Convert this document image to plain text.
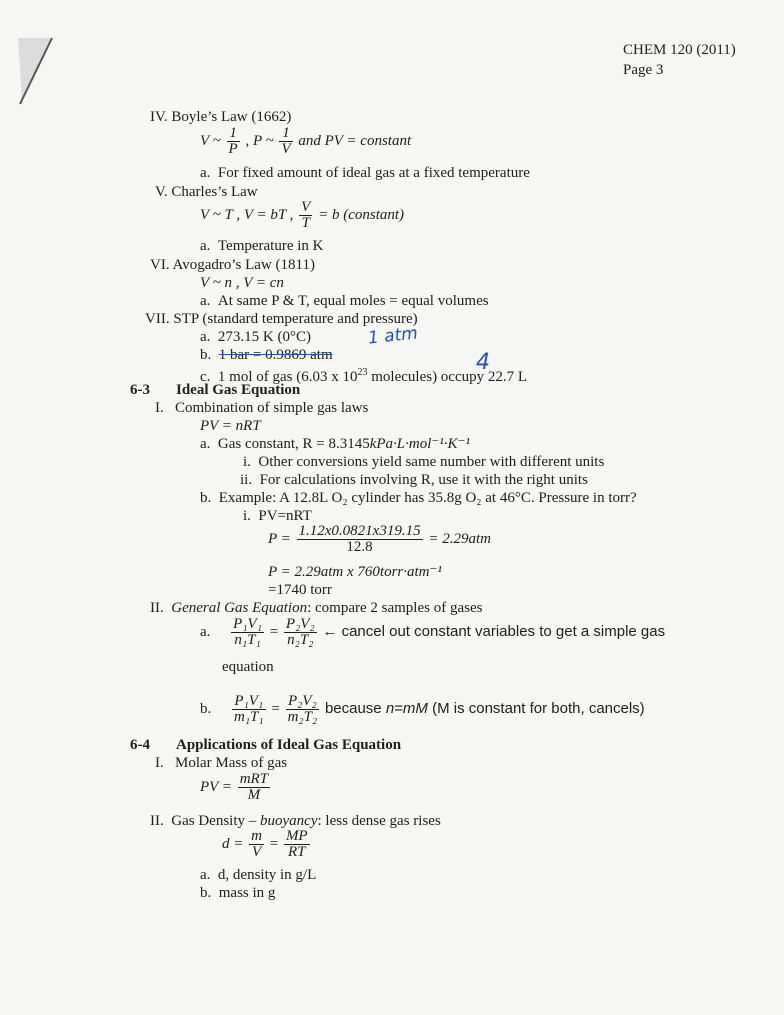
CHEM 120 (2011)
Page 3
IV. Boyle’s Law (1662)
V ~ $\frac{1}{P}$ , P ~ $\frac{1}{V}$ and PV = constant
a. For fixed amount of ideal gas at a fixed temperature
V. Charles’s Law
V ~ T , V = bT , $\frac{V}{T} = b$ (constant)
a. Temperature in K
VI. Avogadro’s Law (1811)
V ~ n , V = cn
a. At same P & T, equal moles = equal volumes
VII. STP (standard temperature and pressure)
a. 273.15 K (0°C)	1 atm
b. 1 bar = 0.9869 atm
c. 1 mol of gas (6.03 x $10^{23}$ molecules) occupy 22.7 L
4
6-3 Ideal Gas Equation
I. Combination of simple gas laws
PV = nRT
a. Gas constant, R = 8.3145kPa·L·mol⁻¹·K⁻¹
i. Other conversions yield same number with different units
ii. For calculations involving R, use it with the right units
b. Example: A 12.8L O₂ cylinder has 35.8g O₂ at 46°C. Pressure in torr?
i. PV=nRT
$P = \frac{1.12x0.0821x319.15}{12.8} = 2.29atm$
P = 2.29atm x 760torr·atm⁻¹
=1740 torr
II. General Gas Equation: compare 2 samples of gases
a. $\frac{\text{P₁V₁}}{\text{n₁T₁}} = \frac{\text{P₂V₂}}{\text{n₂T₂}}$ ← cancel out constant variables to get a simple gas
equation
b. $\frac{\text{P₁V₁}}{\text{m₁T₁}} = \frac{\text{P₂V₂}}{\text{m₂T₂}}$ because n=mM (M is constant for both, cancels)
6-4 Applications of Ideal Gas Equation
I. Molar Mass of gas
PV = $\frac{\text{mRT}}{M}$
II. Gas Density – buoyancy: less dense gas rises
$d = \frac{m}{V} = \frac{MP}{RT}$
a. d, density in g/L
b. mass in g
